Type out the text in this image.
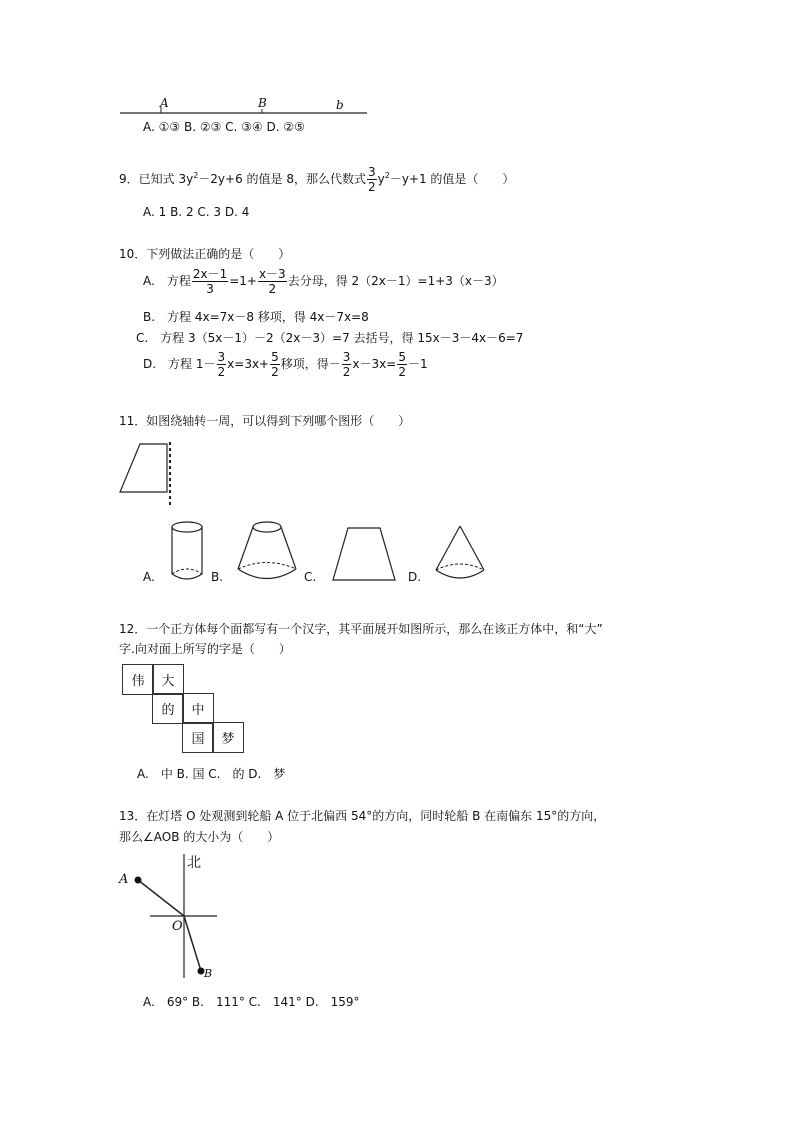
A	B	b
A. ①③ B. ②③ C. ③④ D. ②⑤
9．已知式 $3y^2-2y+6$ 的值是 8，那么代数式 $\frac{3}{2} y^2-y+1$ 的值是（　　）
A. 1 B. 2 C. 3 D. 4
10．下列做法正确的是（　　）
A.　方程 $\frac{2x-1}{3} =1+ \frac{x-3}{2}$ 去分母，得 2（2x－1）=1+3（x－3）
B.　方程 4x=7x－8 移项，得 4x－7x=8
C.　方程 3（5x－1）－2（2x－3）=7 去括号，得 15x－3－4x－6=7
D.　方程 $1- \frac{3}{2} x=3x+ \frac{5}{2}$ 移项，得－ $\frac{3}{2} x-3x= \frac{5}{2} -1$
11．如图绕轴转一周，可以得到下列哪个图形（　　）
A.	B.	C.	D.
12．一个正方体每个面都写有一个汉字，其平面展开如图所示，那么在该正方体中，和“大”
字.向对面上所写的字是（　　）
伟	大
的	中
国	梦
A.　中 B. 国 C.　的 D.　梦
13．在灯塔 O 处观测到轮船 A 位于北偏西 54°的方向，同时轮船 B 在南偏东 15°的方向，
那么∠AOB 的大小为（　　）
北
A
O
B
A.　69° B.　111° C.　141° D.　159°
